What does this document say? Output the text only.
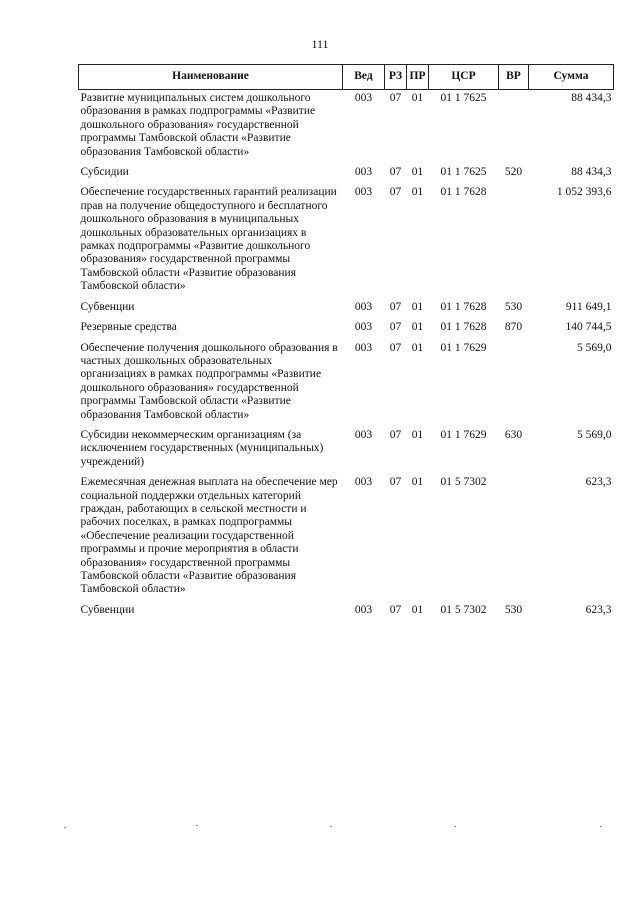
111
Наименование	Вед	РЗ	ПР	ЦСР	ВР	Сумма
Развитие муниципальных систем дошкольного образования в рамках подпрограммы «Развитие дошкольного образования» государственной программы Тамбовской области «Развитие образования Тамбовской области»	003	07	01	01 1 7625		88 434,3
Субсидии	003	07	01	01 1 7625	520	88 434,3
Обеспечение государственных гарантий реализации прав на получение общедоступного и бесплатного дошкольного образования в муниципальных дошкольных образовательных организациях в рамках подпрограммы «Развитие дошкольного образования» государственной программы Тамбовской области «Развитие образования Тамбовской области»	003	07	01	01 1 7628		1 052 393,6
Субвенции	003	07	01	01 1 7628	530	911 649,1
Резервные средства	003	07	01	01 1 7628	870	140 744,5
Обеспечение получения дошкольного образования в частных дошкольных образовательных организациях в рамках подпрограммы «Развитие дошкольного образования» государственной программы Тамбовской области «Развитие образования Тамбовской области»	003	07	01	01 1 7629		5 569,0
Субсидии некоммерческим организациям (за исключением государственных (муниципальных) учреждений)	003	07	01	01 1 7629	630	5 569,0
Ежемесячная денежная выплата на обеспечение мер социальной поддержки отдельных категорий граждан, работающих в сельской местности и рабочих поселках, в рамках подпрограммы «Обеспечение реализации государственной программы и прочие мероприятия в области образования» государственной программы Тамбовской области «Развитие образования Тамбовской области»	003	07	01	01 5 7302		623,3
Субвенции	003	07	01	01 5 7302	530	623,3
